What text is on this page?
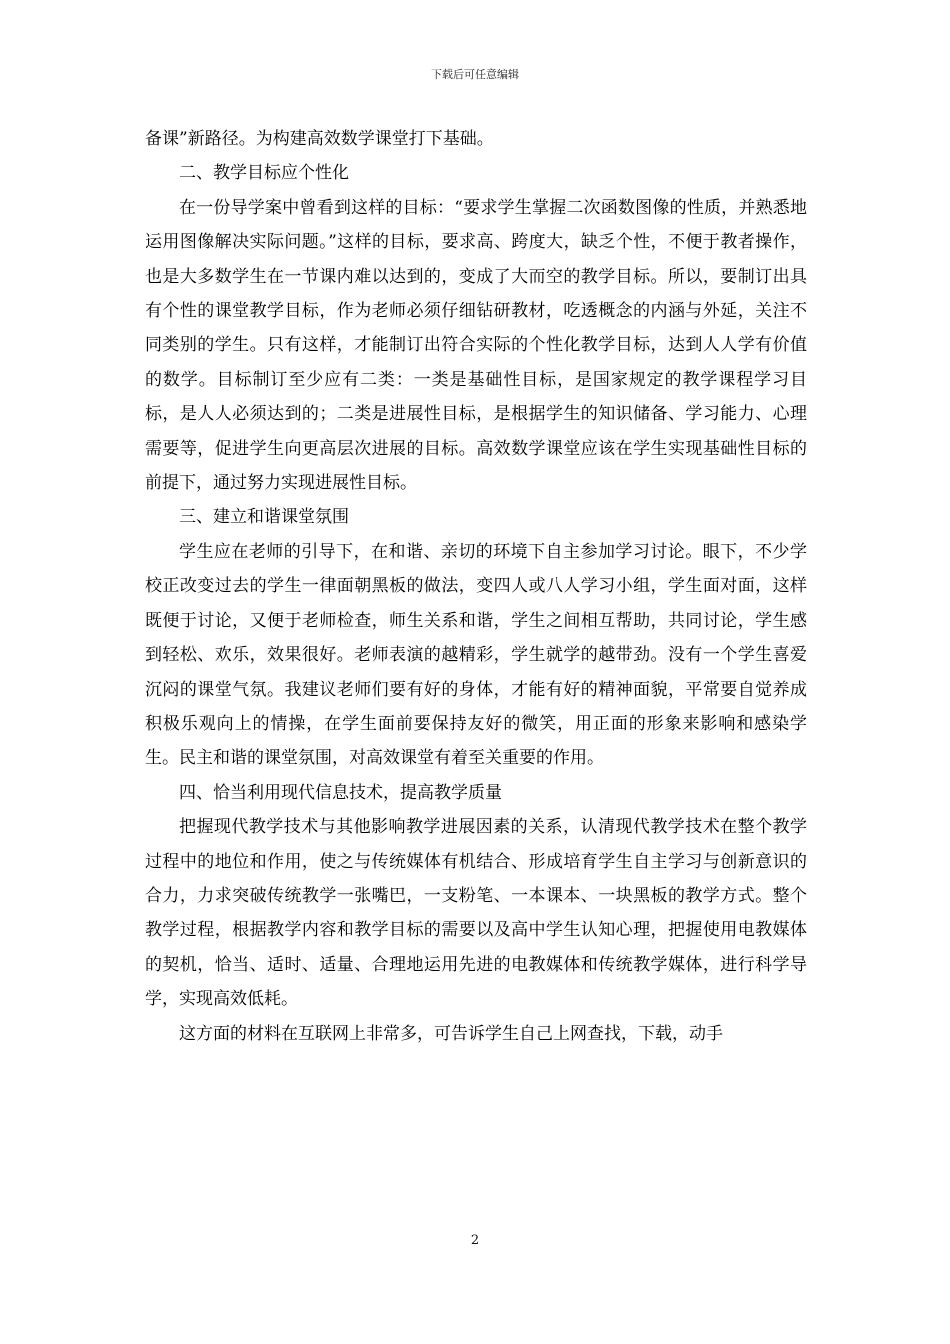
下载后可任意编辑

备课”新路径。为构建高效数学课堂打下基础。

二、教学目标应个性化

在一份导学案中曾看到这样的目标：“要求学生掌握二次函数图像的性质，并熟悉地运用图像解决实际问题。”这样的目标，要求高、跨度大，缺乏个性，不便于教者操作，也是大多数学生在一节课内难以达到的，变成了大而空的教学目标。所以，要制订出具有个性的课堂教学目标，作为老师必须仔细钻研教材，吃透概念的内涵与外延，关注不同类别的学生。只有这样，才能制订出符合实际的个性化教学目标，达到人人学有价值的数学。目标制订至少应有二类：一类是基础性目标，是国家规定的教学课程学习目标，是人人必须达到的；二类是进展性目标，是根据学生的知识储备、学习能力、心理需要等，促进学生向更高层次进展的目标。高效数学课堂应该在学生实现基础性目标的前提下，通过努力实现进展性目标。

三、建立和谐课堂氛围

学生应在老师的引导下，在和谐、亲切的环境下自主参加学习讨论。眼下，不少学校正改变过去的学生一律面朝黑板的做法，变四人或八人学习小组，学生面对面，这样既便于讨论，又便于老师检查，师生关系和谐，学生之间相互帮助，共同讨论，学生感到轻松、欢乐，效果很好。老师表演的越精彩，学生就学的越带劲。没有一个学生喜爱沉闷的课堂气氛。我建议老师们要有好的身体，才能有好的精神面貌，平常要自觉养成积极乐观向上的情操，在学生面前要保持友好的微笑，用正面的形象来影响和感染学生。民主和谐的课堂氛围，对高效课堂有着至关重要的作用。

四、恰当利用现代信息技术，提高教学质量

把握现代教学技术与其他影响教学进展因素的关系，认清现代教学技术在整个教学过程中的地位和作用，使之与传统媒体有机结合、形成培育学生自主学习与创新意识的合力，力求突破传统教学一张嘴巴，一支粉笔、一本课本、一块黑板的教学方式。整个教学过程，根据教学内容和教学目标的需要以及高中学生认知心理，把握使用电教媒体的契机，恰当、适时、适量、合理地运用先进的电教媒体和传统教学媒体，进行科学导学，实现高效低耗。

这方面的材料在互联网上非常多，可告诉学生自己上网查找，下载，动手

2
